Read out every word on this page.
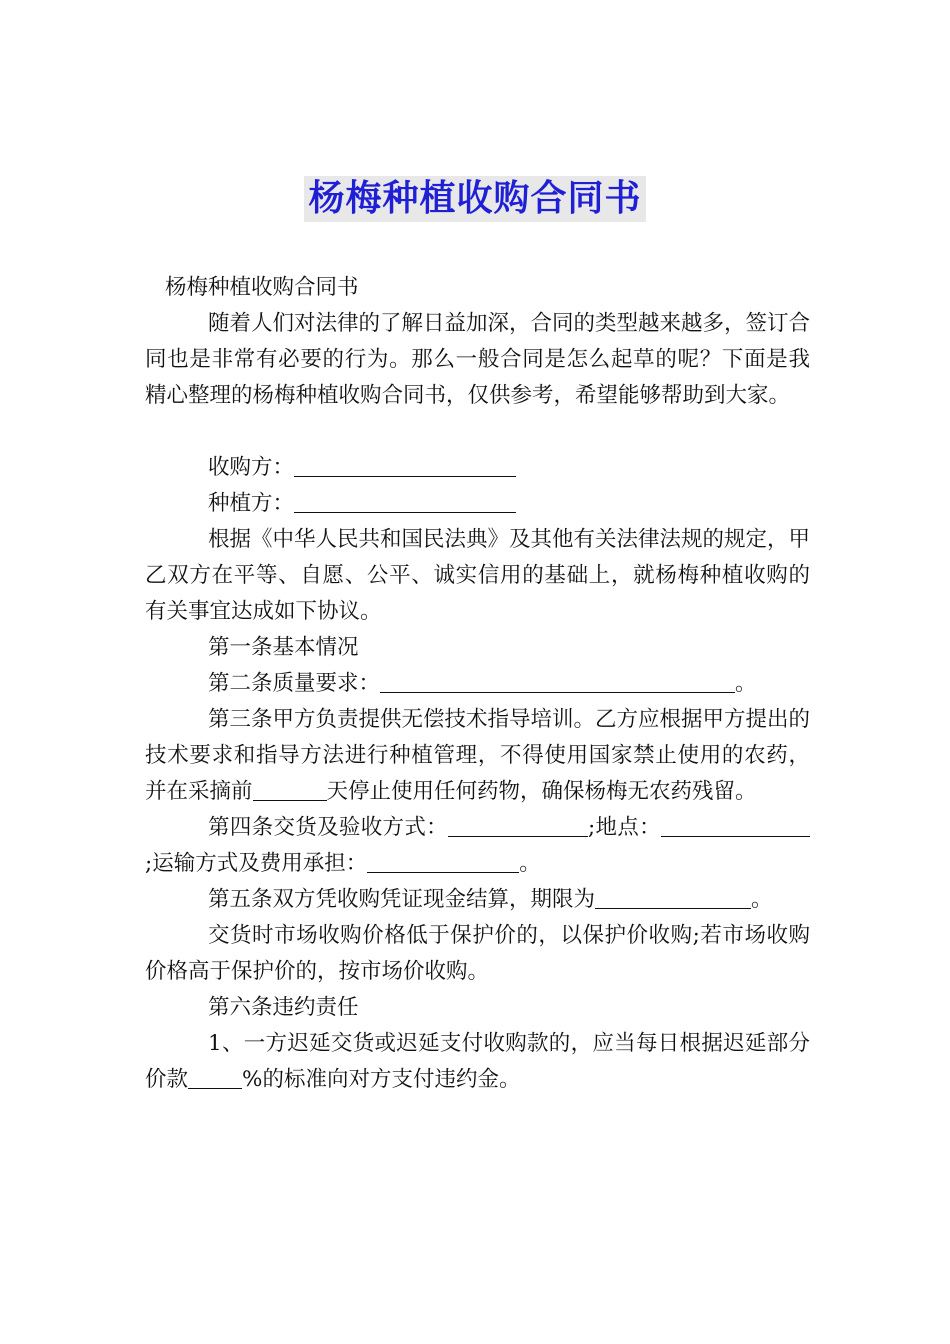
杨梅种植收购合同书

杨梅种植收购合同书

随着人们对法律的了解日益加深，合同的类型越来越多，签订合同也是非常有必要的行为。那么一般合同是怎么起草的呢？下面是我精心整理的杨梅种植收购合同书，仅供参考，希望能够帮助到大家。

收购方：

种植方：

根据《中华人民共和国民法典》及其他有关法律法规的规定，甲乙双方在平等、自愿、公平、诚实信用的基础上，就杨梅种植收购的有关事宜达成如下协议。

第一条基本情况

第二条质量要求：	。

第三条甲方负责提供无偿技术指导培训。乙方应根据甲方提出的技术要求和指导方法进行种植管理，不得使用国家禁止使用的农药，并在采摘前	天停止使用任何药物，确保杨梅无农药残留。

第四条交货及验收方式：	;地点：;运输方式及费用承担：	。

第五条双方凭收购凭证现金结算，期限为	。

交货时市场收购价格低于保护价的，以保护价收购;若市场收购价格高于保护价的，按市场价收购。

第六条违约责任

1、一方迟延交货或迟延支付收购款的，应当每日根据迟延部分价款	%的标准向对方支付违约金。
